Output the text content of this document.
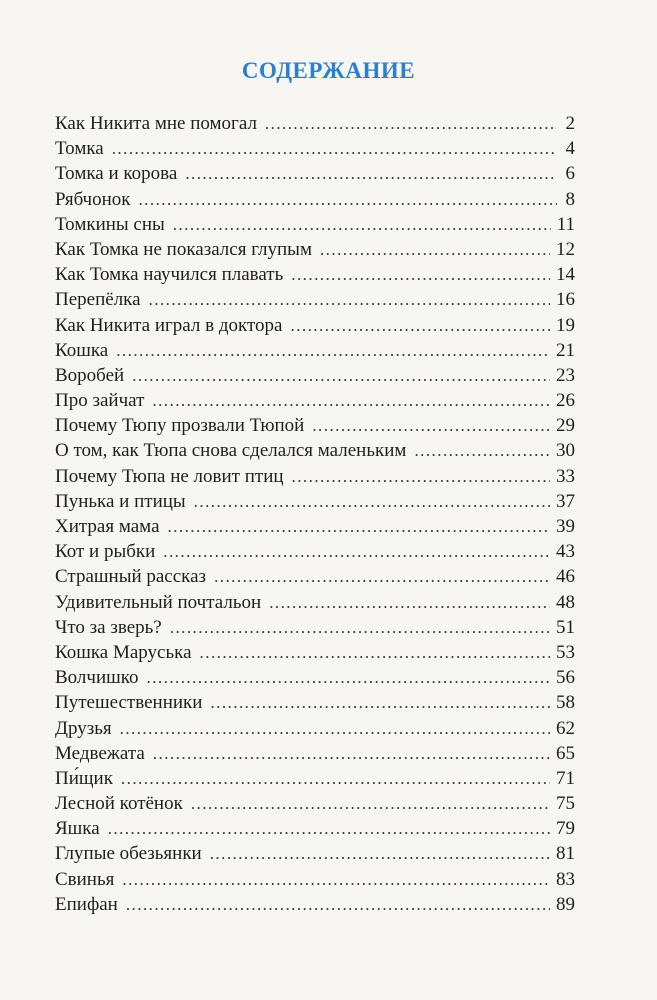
СОДЕРЖАНИЕ
Как Никита мне помогал . . .	2
Томка . . .	4
Томка и корова . . .	6
Рябчонок . . .	8
Томкины сны . . .	11
Как Томка не показался глупым . . .	12
Как Томка научился плавать . . .	14
Перепёлка . . .	16
Как Никита играл в доктора . . .	19
Кошка . . .	21
Воробей . . .	23
Про зайчат . . .	26
Почему Тюпу прозвали Тюпой . . .	29
О том, как Тюпа снова сделался маленьким . . .	30
Почему Тюпа не ловит птиц . . .	33
Пунька и птицы . . .	37
Хитрая мама . . .	39
Кот и рыбки . . .	43
Страшный рассказ . . .	46
Удивительный почтальон . . .	48
Что за зверь? . . .	51
Кошка Маруська . . .	53
Волчишко . . .	56
Путешественники . . .	58
Друзья . . .	62
Медвежата . . .	65
Пи́щик . . .	71
Лесной котёнок . . .	75
Яшка . . .	79
Глупые обезьянки . . .	81
Свинья . . .	83
Епифан . . .	89
